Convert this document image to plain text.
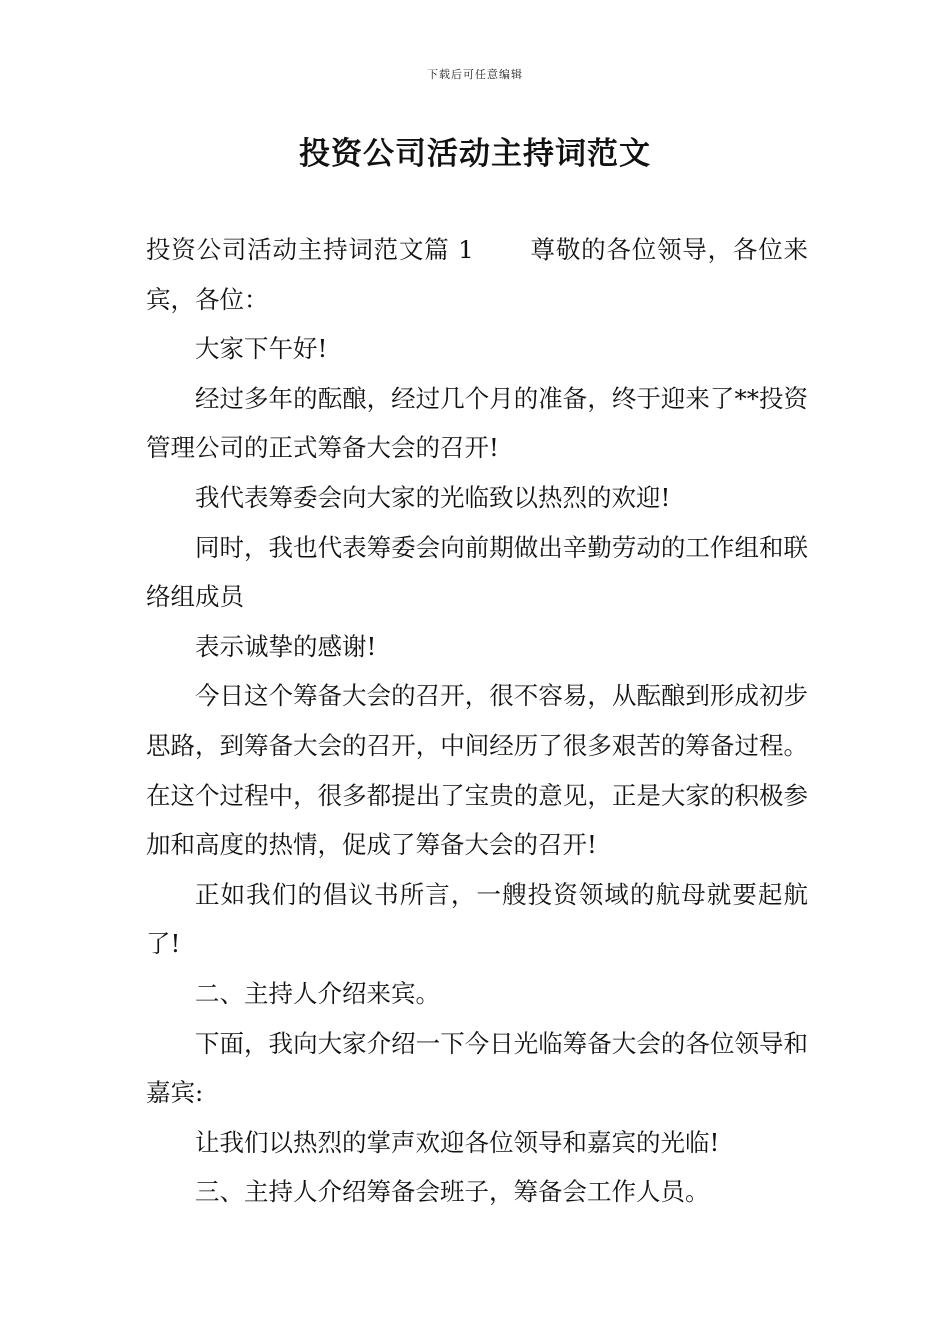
下载后可任意编辑
投资公司活动主持词范文

投资公司活动主持词范文篇 1 尊敬的各位领导，各位来宾，各位：

大家下午好!

经过多年的酝酿，经过几个月的准备，终于迎来了**投资管理公司的正式筹备大会的召开!

我代表筹委会向大家的光临致以热烈的欢迎!

同时，我也代表筹委会向前期做出辛勤劳动的工作组和联络组成员

表示诚挚的感谢!

今日这个筹备大会的召开，很不容易，从酝酿到形成初步思路，到筹备大会的召开，中间经历了很多艰苦的筹备过程。在这个过程中，很多都提出了宝贵的意见，正是大家的积极参加和高度的热情，促成了筹备大会的召开!

正如我们的倡议书所言，一艘投资领域的航母就要起航了!

二、主持人介绍来宾。

下面，我向大家介绍一下今日光临筹备大会的各位领导和嘉宾:

让我们以热烈的掌声欢迎各位领导和嘉宾的光临!

三、主持人介绍筹备会班子，筹备会工作人员。
